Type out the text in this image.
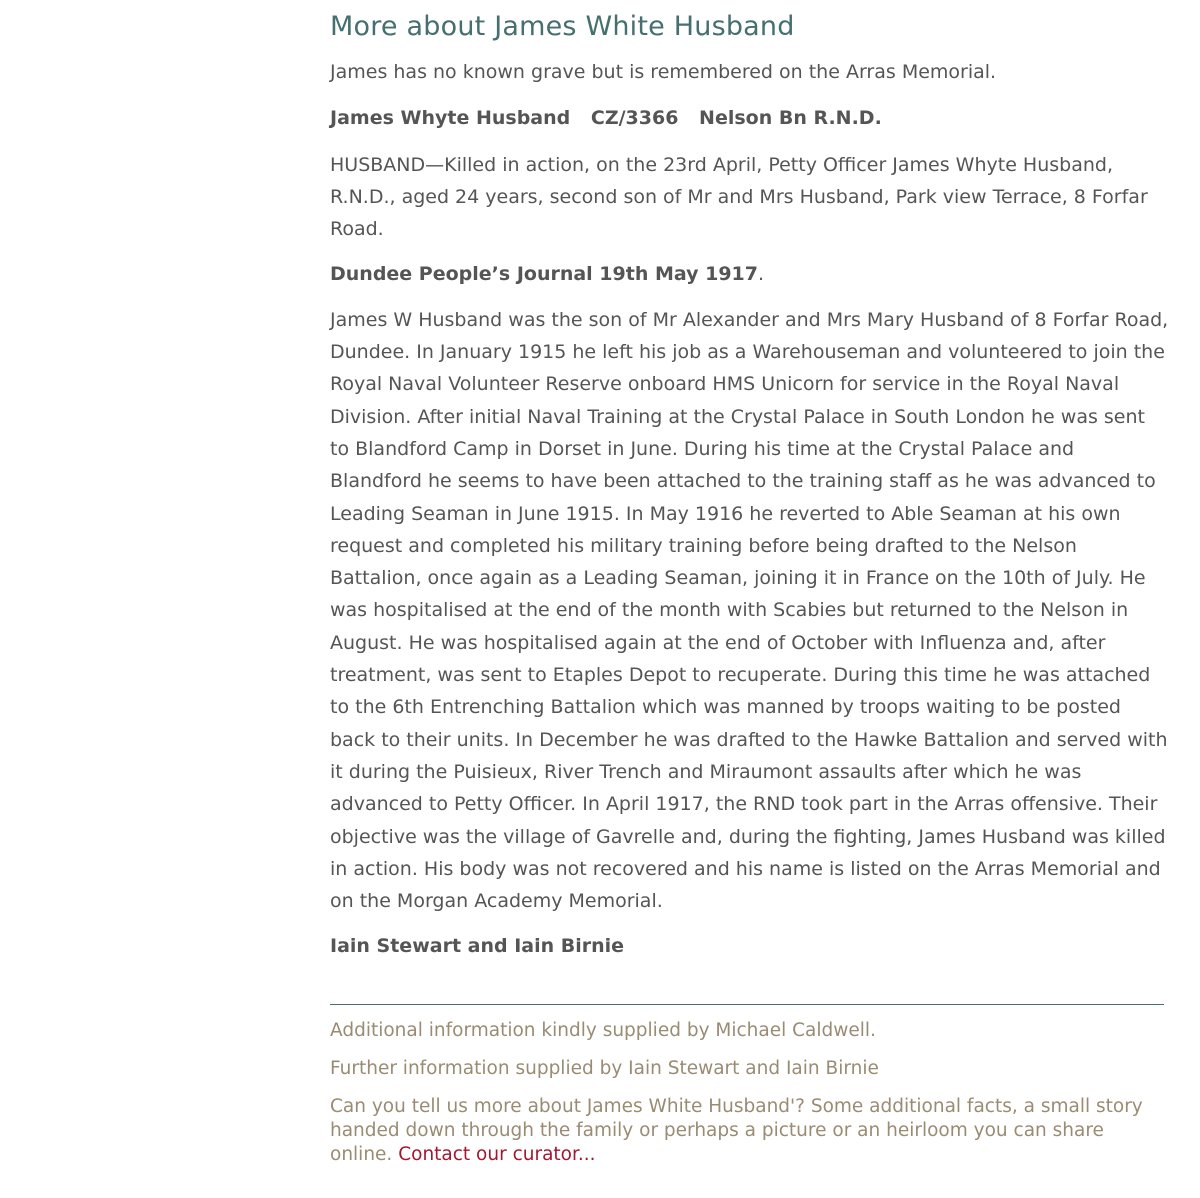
More about James White Husband

James has no known grave but is remembered on the Arras Memorial.

James Whyte Husband CZ/3366 Nelson Bn R.N.D.

HUSBAND—Killed in action, on the 23rd April, Petty Officer James Whyte Husband, R.N.D., aged 24 years, second son of Mr and Mrs Husband, Park view Terrace, 8 Forfar Road.

Dundee People’s Journal 19th May 1917.

James W Husband was the son of Mr Alexander and Mrs Mary Husband of 8 Forfar Road, Dundee. In January 1915 he left his job as a Warehouseman and volunteered to join the Royal Naval Volunteer Reserve onboard HMS Unicorn for service in the Royal Naval Division. After initial Naval Training at the Crystal Palace in South London he was sent to Blandford Camp in Dorset in June. During his time at the Crystal Palace and Blandford he seems to have been attached to the training staff as he was advanced to Leading Seaman in June 1915. In May 1916 he reverted to Able Seaman at his own request and completed his military training before being drafted to the Nelson Battalion, once again as a Leading Seaman, joining it in France on the 10th of July. He was hospitalised at the end of the month with Scabies but returned to the Nelson in August. He was hospitalised again at the end of October with Influenza and, after treatment, was sent to Etaples Depot to recuperate. During this time he was attached to the 6th Entrenching Battalion which was manned by troops waiting to be posted back to their units. In December he was drafted to the Hawke Battalion and served with it during the Puisieux, River Trench and Miraumont assaults after which he was advanced to Petty Officer. In April 1917, the RND took part in the Arras offensive. Their objective was the village of Gavrelle and, during the fighting, James Husband was killed in action. His body was not recovered and his name is listed on the Arras Memorial and on the Morgan Academy Memorial.

Iain Stewart and Iain Birnie

Additional information kindly supplied by Michael Caldwell.

Further information supplied by Iain Stewart and Iain Birnie

Can you tell us more about James White Husband'? Some additional facts, a small story handed down through the family or perhaps a picture or an heirloom you can share online. Contact our curator...
